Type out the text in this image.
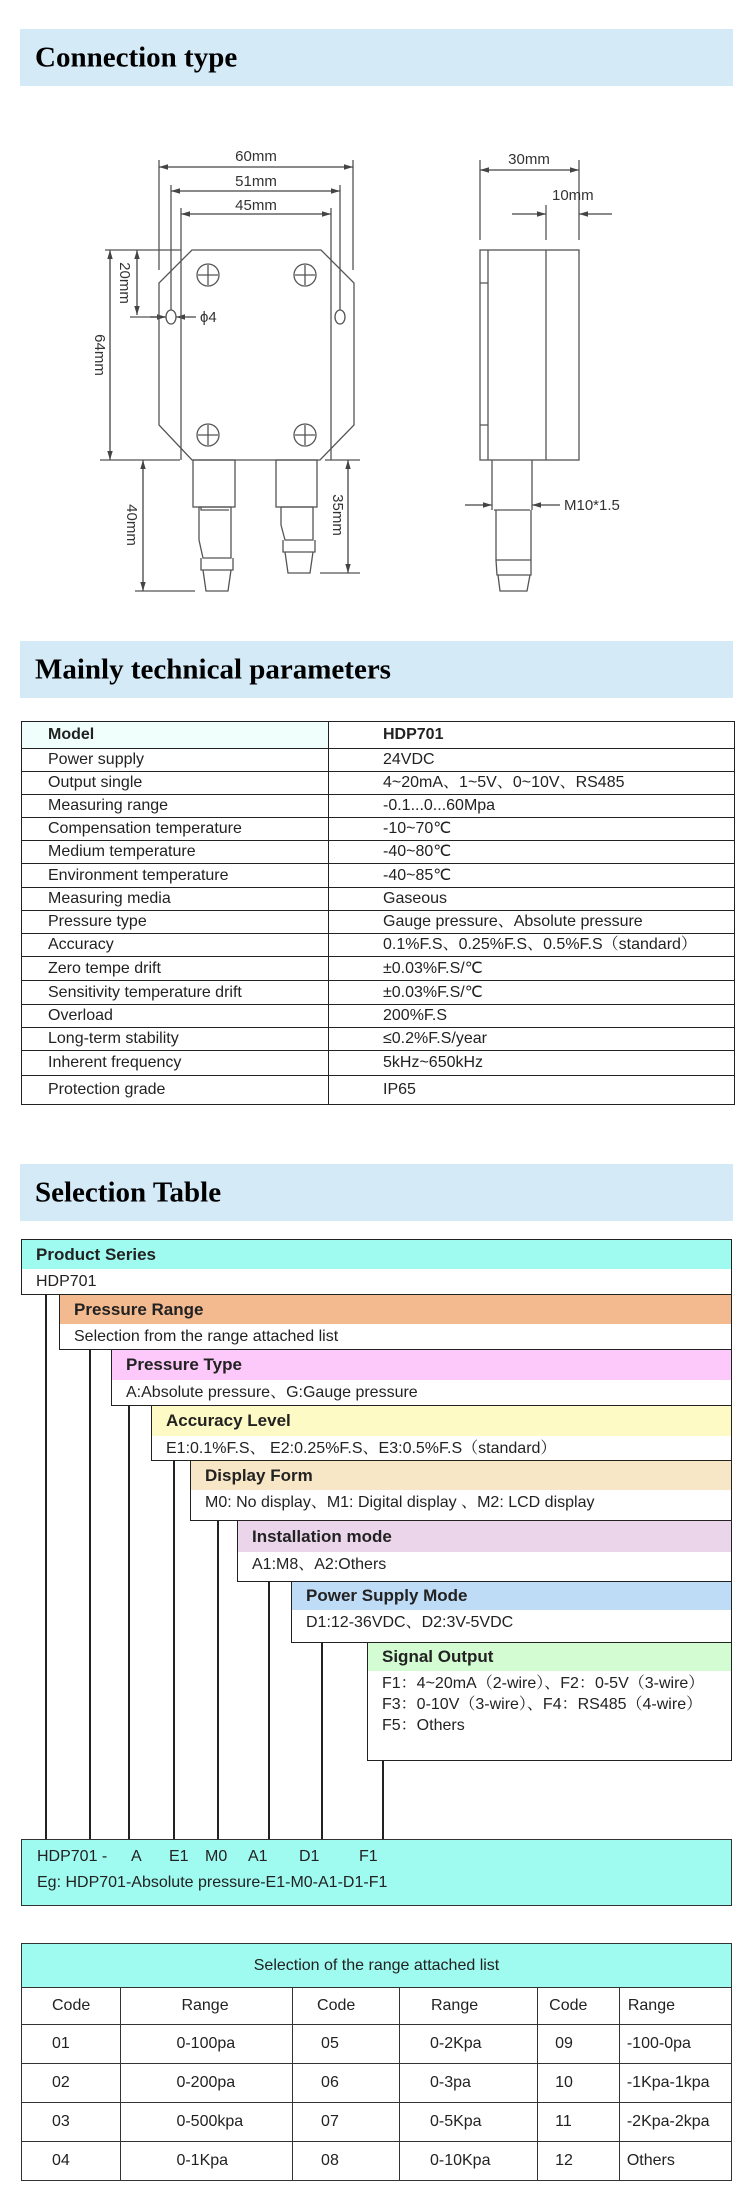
Connection type
60mm
51mm
45mm
ϕ4
20mm
64mm
40mm	35mm
30mm
10mm
M10*1.5
Mainly technical parameters
Model	HDP701
Power supply	24VDC
Output single	4~20mA、1~5V、0~10V、RS485
Measuring range	-0.1...0...60Mpa
Compensation temperature	-10~70℃
Medium temperature	-40~80℃
Environment temperature	-40~85℃
Measuring media	Gaseous
Pressure type	Gauge pressure、Absolute pressure
Accuracy	0.1%F.S、0.25%F.S、0.5%F.S（standard）
Zero tempe drift	±0.03%F.S/℃
Sensitivity temperature drift	±0.03%F.S/℃
Overload	200%F.S
Long-term stability	≤0.2%F.S/year
Inherent frequency	5kHz~650kHz
Protection grade	IP65
Selection Table
Product Series
HDP701
Pressure Range
Selection from the range attached list
Pressure Type
A:Absolute pressure、G:Gauge pressure
Accuracy Level
E1:0.1%F.S、 E2:0.25%F.S、E3:0.5%F.S（standard）
Display Form
M0: No display、M1: Digital display 、M2: LCD display
Installation mode
A1:M8、A2:Others
Power Supply Mode
D1:12-36VDC、D2:3V-5VDC
Signal Output
F1：4~20mA（2-wire）、F2：0-5V（3-wire）
F3：0-10V（3-wire）、F4：RS485（4-wire）
F5：Others
Eg: HDP701-Absolute pressure-E1-M0-A1-D1-F1
HDP701 - A E1 M0 A1 D1 F1
Selection of the range attached list					
Code	Range	Code	Range	Code	Range
01	0-100pa	05	0-2Kpa	09	-100-0pa
02	0-200pa	06	0-3pa	10	-1Kpa-1kpa
03	0-500kpa	07	0-5Kpa	11	-2Kpa-2kpa
04	0-1Kpa	08	0-10Kpa	12	Others
